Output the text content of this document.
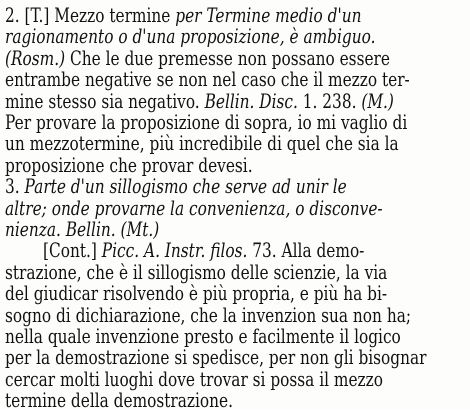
2. [T.] Mezzo termine per Termine medio d'un
ragionamento o d'una proposizione, è ambiguo.
(Rosm.) Che le due premesse non possano essere
entrambe negative se non nel caso che il mezzo ter-
mine stesso sia negativo. Bellin. Disc. 1. 238. (M.)
Per provare la proposizione di sopra, io mi vaglio di
un mezzotermine, più incredibile di quel che sia la
proposizione che provar devesi.
3. Parte d'un sillogismo che serve ad unir le
altre; onde provarne la convenienza, o disconve-
nienza. Bellin. (Mt.)
[Cont.] Picc. A. Instr. filos. 73. Alla demo-
strazione, che è il sillogismo delle scienzie, la via
del giudicar risolvendo è più propria, e più ha bi-
sogno di dichiarazione, che la invenzion sua non ha;
nella quale invenzione presto e facilmente il logico
per la demostrazione si spedisce, per non gli bisognar
cercar molti luoghi dove trovar si possa il mezzo
termine della demostrazione.
